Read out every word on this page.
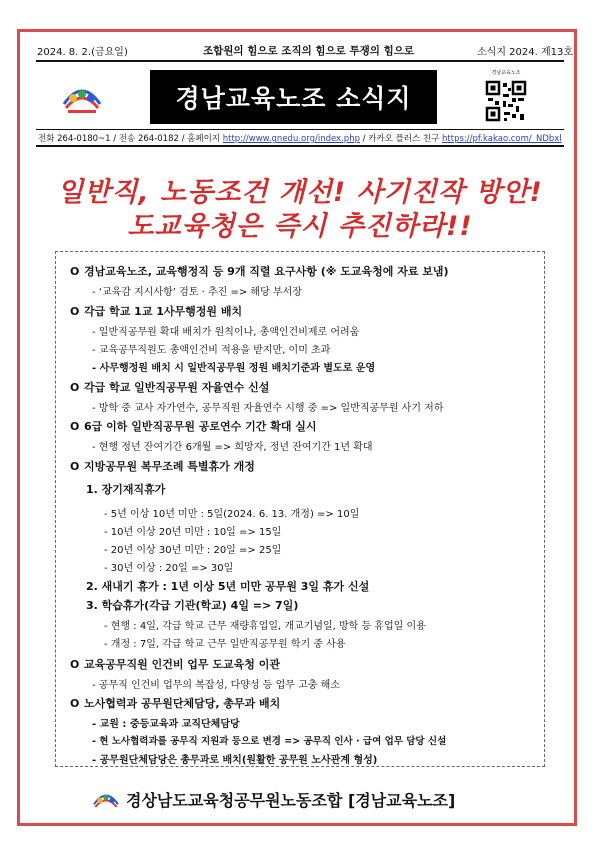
2024. 8. 2.(금요일)	조합원의 힘으로 조직의 힘으로 투쟁의 힘으로	소식지 2024. 제13호
경남교육노조 소식지
경남교육노조
전화 264-0180~1 / 전송 264-0182 / 홈페이지 http://www.gnedu.org/index.php / 카카오 플러스 친구 https://pf.kakao.com/_NDbxl
일반직, 노동조건 개선! 사기진작 방안!
도교육청은 즉시 추진하라!!
O 경남교육노조, 교육행정직 등 9개 직렬 요구사항 (※ 도교육청에 자료 보냄)
- ‘교육감 지시사항’ 검토 · 추진 => 해당 부서장
O 각급 학교 1교 1사무행정원 배치
- 일반직공무원 확대 배치가 원칙이나, 총액인건비제로 어려움
- 교육공무직원도 총액인건비 적용을 받지만, 이미 초과
- 사무행정원 배치 시 일반직공무원 정원 배치기준과 별도로 운영
O 각급 학교 일반직공무원 자율연수 신설
- 방학 중 교사 자가연수, 공무직원 자율연수 시행 중 => 일반직공무원 사기 저하
O 6급 이하 일반직공무원 공로연수 기간 확대 실시
- 현행 정년 잔여기간 6개월 => 희망자, 정년 잔여기간 1년 확대
O 지방공무원 복무조례 특별휴가 개정
1. 장기재직휴가
- 5년 이상 10년 미만 : 5일(2024. 6. 13. 개정) => 10일
- 10년 이상 20년 미만 : 10일 => 15일
- 20년 이상 30년 미만 : 20일 => 25일
- 30년 이상 : 20일 => 30일
2. 새내기 휴가 : 1년 이상 5년 미만 공무원 3일 휴가 신설
3. 학습휴가(각급 기관(학교) 4일 => 7일)
- 현행 : 4일, 각급 학교 근무 재량휴업일, 개교기념일, 방학 등 휴업일 이용
- 개정 : 7일, 각급 학교 근무 일반직공무원 학기 중 사용
O 교육공무직원 인건비 업무 도교육청 이관
- 공무직 인건비 업무의 복잡성, 다양성 등 업무 고충 해소
O 노사협력과 공무원단체담당, 총무과 배치
- 교원 : 중등교육과 교직단체담당
- 현 노사협력과를 공무직 지원과 등으로 변경 => 공무직 인사 · 급여 업무 담당 신설
- 공무원단체담당은 총무과로 배치(원활한 공무원 노사관계 형성)
경상남도교육청공무원노동조합 [경남교육노조]
